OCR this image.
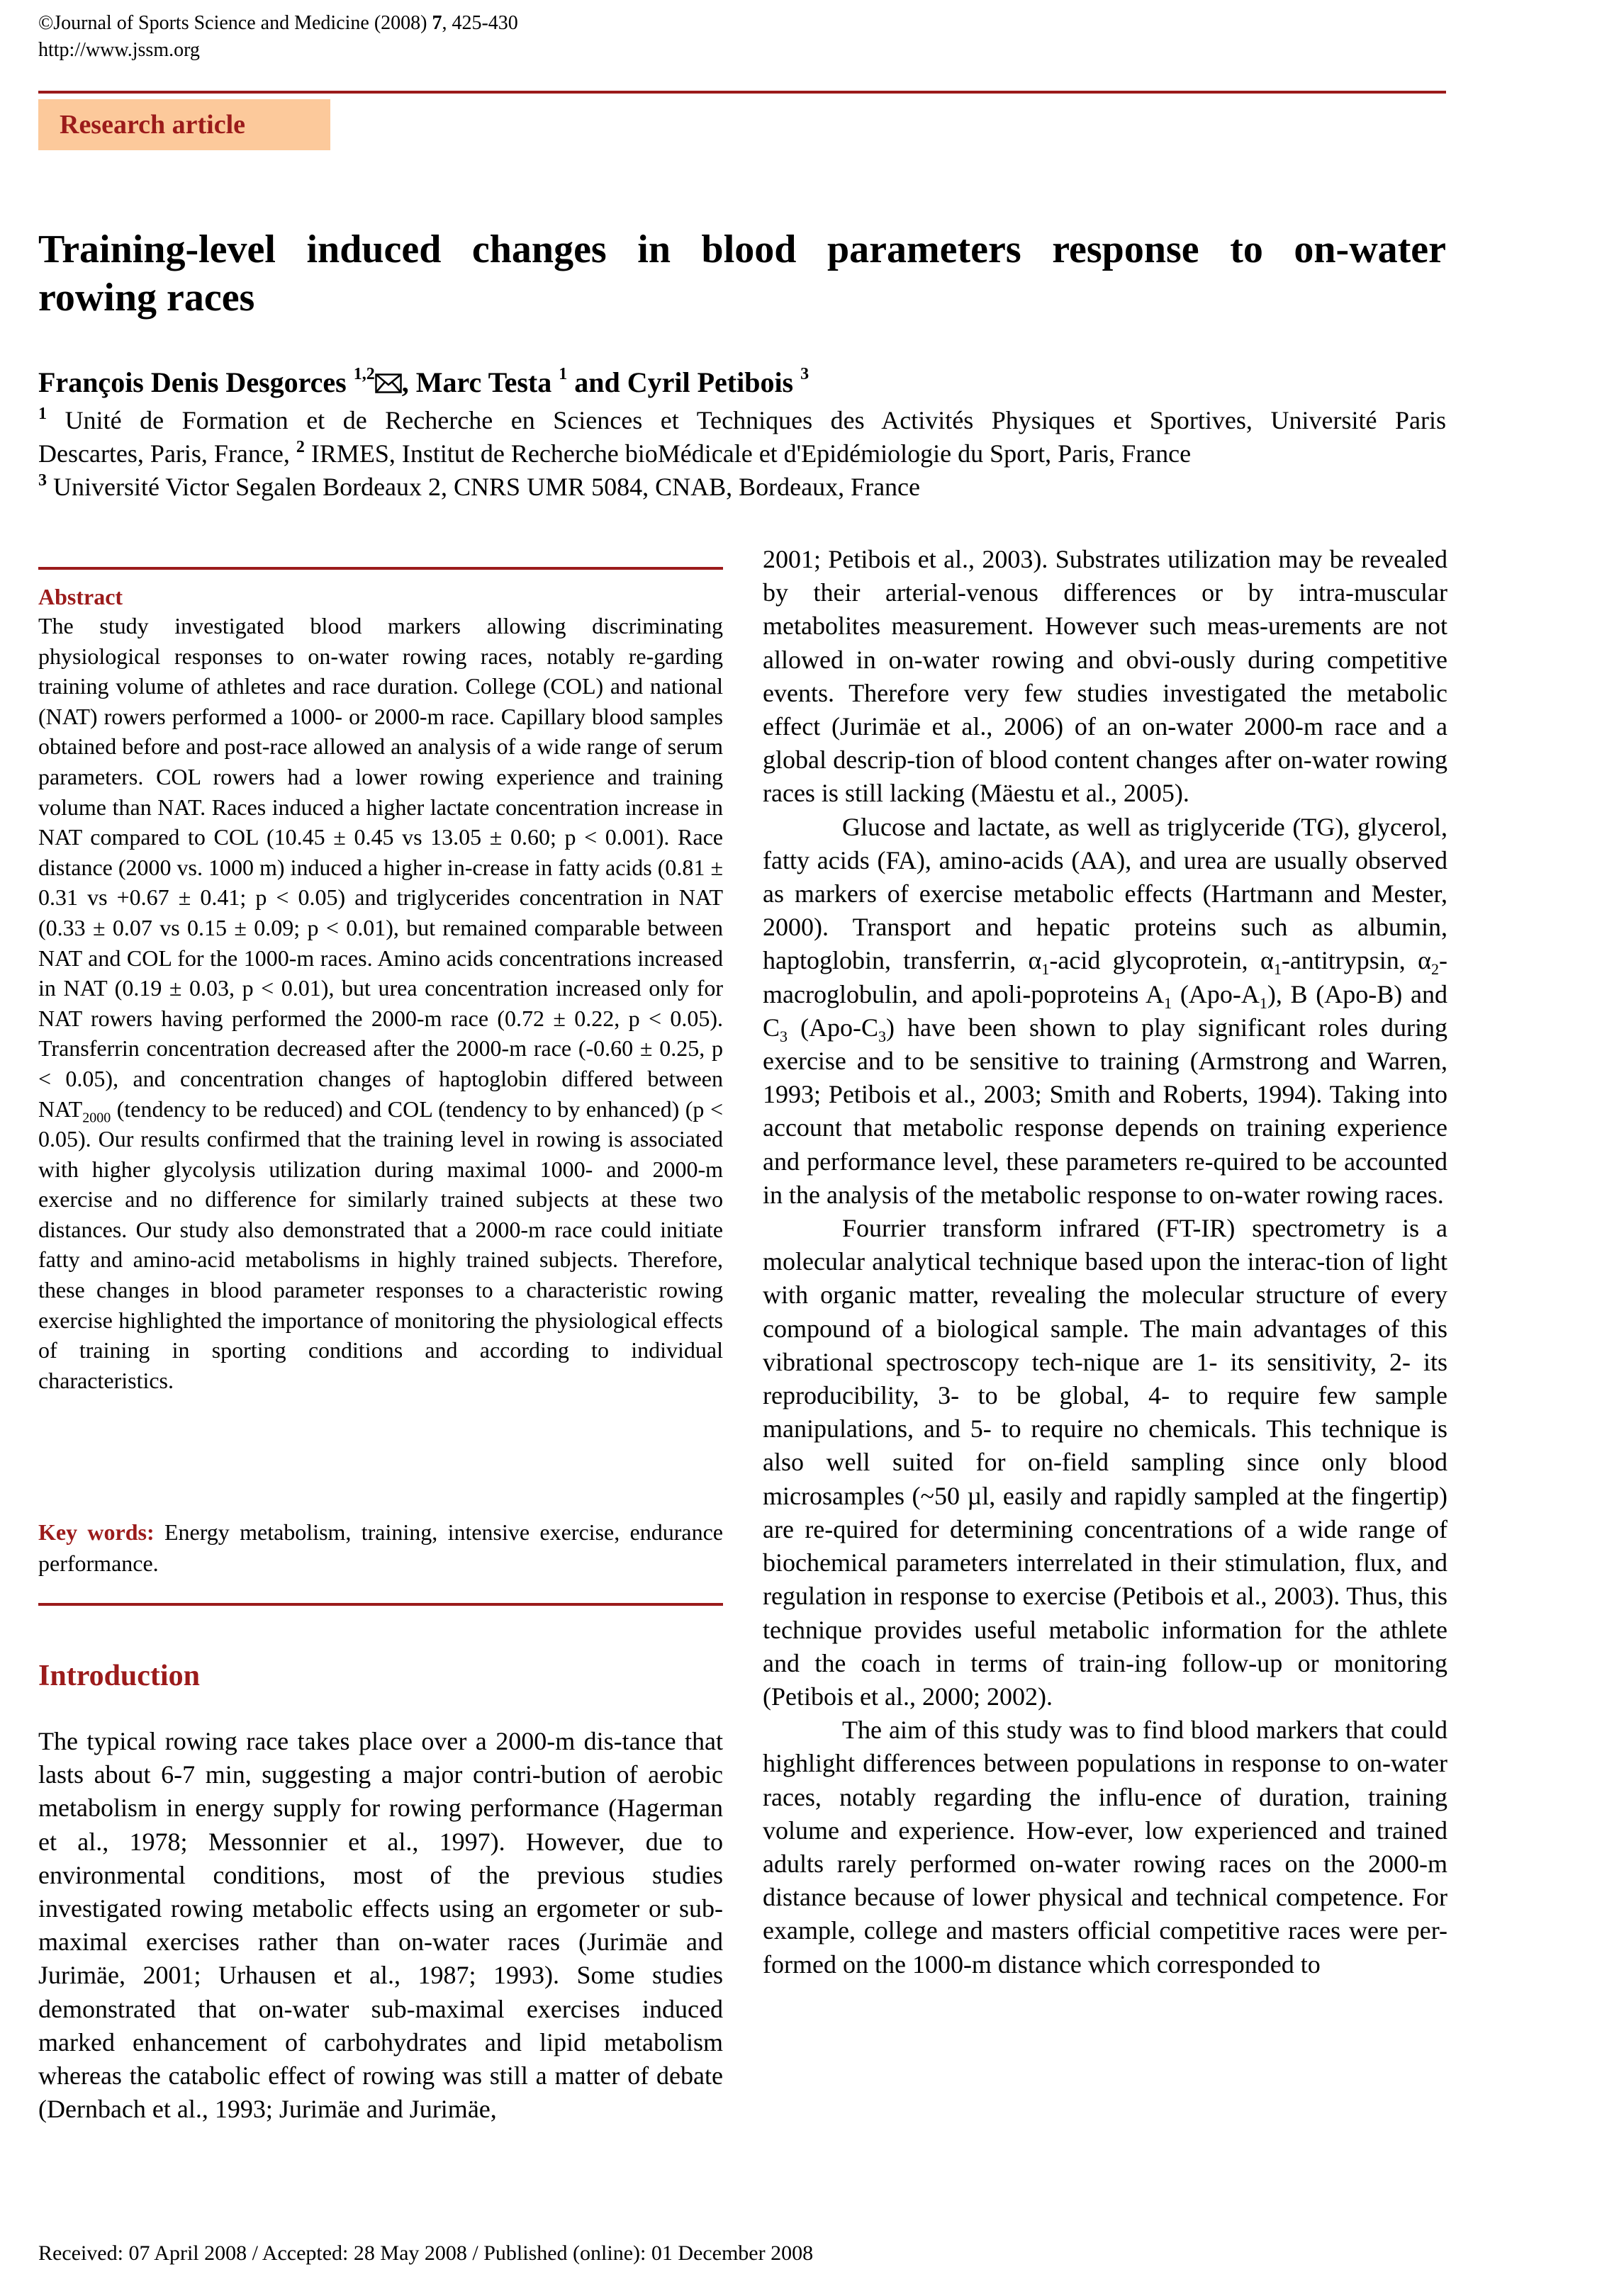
©Journal of Sports Science and Medicine (2008) 7, 425-430
http://www.jssm.org
Research article
Training-level induced changes in blood parameters response to on-water
rowing races
François Denis Desgorces $^{1,2}$ , Marc Testa $^1$ and Cyril Petibois $^3$
$^1$ Unité de Formation et de Recherche en Sciences et Techniques des Activités Physiques et Sportives, Université Paris
Descartes, Paris, France, $^2$ IRMES, Institut de Recherche bioMédicale et d'Epidémiologie du Sport, Paris, France
$^3$ Université Victor Segalen Bordeaux 2, CNRS UMR 5084, CNAB, Bordeaux, France
Abstract
The study investigated blood markers allowing discriminating physiological responses to on-water rowing races, notably re-garding training volume of athletes and race duration. College (COL) and national (NAT) rowers performed a 1000- or 2000-m race. Capillary blood samples obtained before and post-race allowed an analysis of a wide range of serum parameters. COL rowers had a lower rowing experience and training volume than NAT. Races induced a higher lactate concentration increase in NAT compared to COL (10.45 ± 0.45 vs 13.05 ± 0.60; p < 0.001). Race distance (2000 vs. 1000 m) induced a higher in-crease in fatty acids (0.81 ± 0.31 vs +0.67 ± 0.41; p < 0.05) and triglycerides concentration in NAT (0.33 ± 0.07 vs 0.15 ± 0.09; p < 0.01), but remained comparable between NAT and COL for the 1000-m races. Amino acids concentrations increased in NAT (0.19 ± 0.03, p < 0.01), but urea concentration increased only for NAT rowers having performed the 2000-m race (0.72 ± 0.22, p < 0.05). Transferrin concentration decreased after the 2000-m race (-0.60 ± 0.25, p < 0.05), and concentration changes of haptoglobin differed between $NAT_{2000}$ (tendency to be reduced) and COL (tendency to by enhanced) (p < 0.05). Our results confirmed that the training level in rowing is associated with higher glycolysis utilization during maximal 1000- and 2000-m exercise and no difference for similarly trained subjects at these two distances. Our study also demonstrated that a 2000-m race could initiate fatty and amino-acid metabolisms in highly trained subjects. Therefore, these changes in blood parameter responses to a characteristic rowing exercise highlighted the importance of monitoring the physiological effects of training in sporting conditions and according to individual characteristics.
Key words: Energy metabolism, training, intensive exercise, endurance performance.
Introduction

The typical rowing race takes place over a 2000-m dis-tance that lasts about 6-7 min, suggesting a major contri-bution of aerobic metabolism in energy supply for rowing performance (Hagerman et al., 1978; Messonnier et al., 1997). However, due to environmental conditions, most of the previous studies investigated rowing metabolic effects using an ergometer or sub-maximal exercises rather than on-water races (Jurimäe and Jurimäe, 2001; Urhausen et al., 1987; 1993). Some studies demonstrated that on-water sub-maximal exercises induced marked enhancement of carbohydrates and lipid metabolism whereas the catabolic effect of rowing was still a matter of debate (Dernbach et al., 1993; Jurimäe and Jurimäe,

2001; Petibois et al., 2003). Substrates utilization may be revealed by their arterial-venous differences or by intra-muscular metabolites measurement. However such meas-urements are not allowed in on-water rowing and obvi-ously during competitive events. Therefore very few studies investigated the metabolic effect (Jurimäe et al., 2006) of an on-water 2000-m race and a global descrip-tion of blood content changes after on-water rowing races is still lacking (Mäestu et al., 2005).

Glucose and lactate, as well as triglyceride (TG), glycerol, fatty acids (FA), amino-acids (AA), and urea are usually observed as markers of exercise metabolic effects (Hartmann and Mester, 2000). Transport and hepatic proteins such as albumin, haptoglobin, transferrin, $\alpha_1$-acid glycoprotein, $\alpha_1$-antitrypsin, $\alpha_2$-macroglobulin, and apoli-poproteins $A_1$ $(Apo-A_1)$, B (Apo-B) and $C_3$ $(Apo-C_3)$ have been shown to play significant roles during exercise and to be sensitive to training (Armstrong and Warren, 1993; Petibois et al., 2003; Smith and Roberts, 1994). Taking into account that metabolic response depends on training experience and performance level, these parameters re-quired to be accounted in the analysis of the metabolic response to on-water rowing races.

Fourrier transform infrared (FT-IR) spectrometry is a molecular analytical technique based upon the interac-tion of light with organic matter, revealing the molecular structure of every compound of a biological sample. The main advantages of this vibrational spectroscopy tech-nique are 1- its sensitivity, 2- its reproducibility, 3- to be global, 4- to require few sample manipulations, and 5- to require no chemicals. This technique is also well suited for on-field sampling since only blood microsamples (~50 µl, easily and rapidly sampled at the fingertip) are re-quired for determining concentrations of a wide range of biochemical parameters interrelated in their stimulation, flux, and regulation in response to exercise (Petibois et al., 2003). Thus, this technique provides useful metabolic information for the athlete and the coach in terms of train-ing follow-up or monitoring (Petibois et al., 2000; 2002).

The aim of this study was to find blood markers that could highlight differences between populations in response to on-water races, notably regarding the influ-ence of duration, training volume and experience. How-ever, low experienced and trained adults rarely performed on-water rowing races on the 2000-m distance because of lower physical and technical competence. For example, college and masters official competitive races were per-formed on the 1000-m distance which corresponded to

Received: 07 April 2008 / Accepted: 28 May 2008 / Published (online): 01 December 2008
